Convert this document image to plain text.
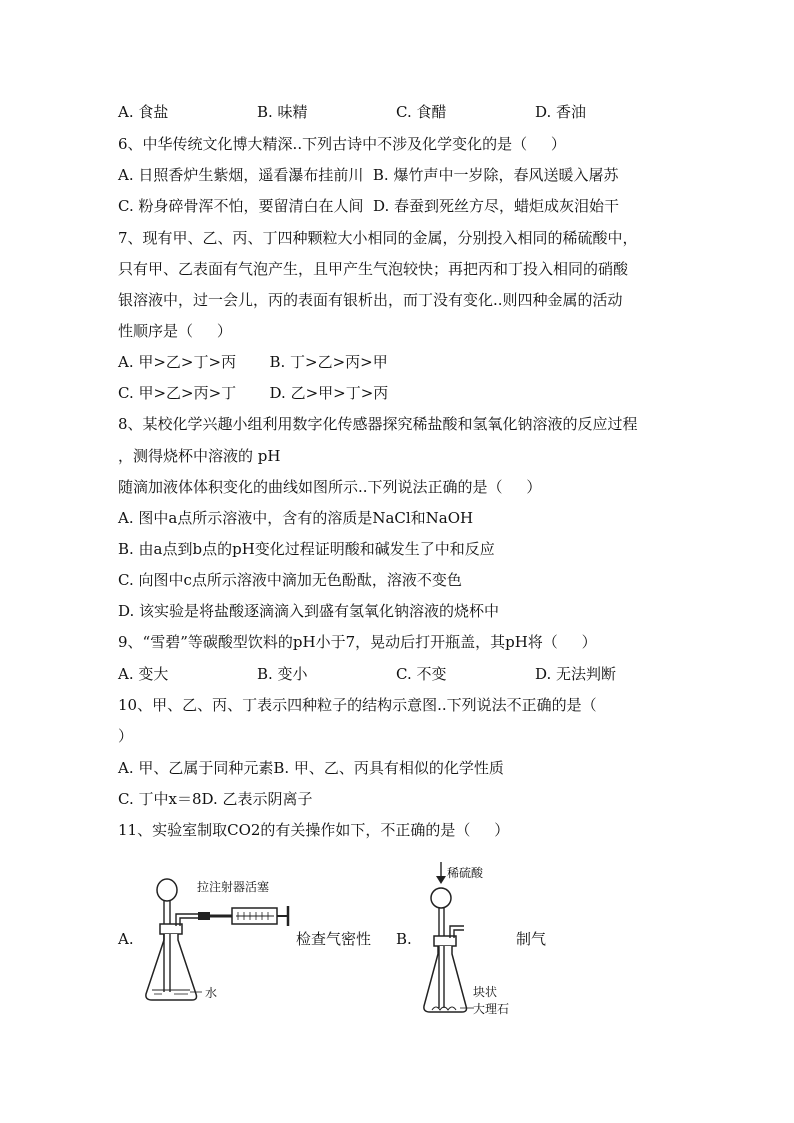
A. 食盐	B. 味精	C. 食醋	D. 香油
6、中华传统文化博大精深..下列古诗中不涉及化学变化的是（     ）
A. 日照香炉生紫烟，遥看瀑布挂前川  B. 爆竹声中一岁除，春风送暖入屠苏
C. 粉身碎骨浑不怕，要留清白在人间  D. 春蚕到死丝方尽，蜡炬成灰泪始干
7、现有甲、乙、丙、丁四种颗粒大小相同的金属，分别投入相同的稀硫酸中，
只有甲、乙表面有气泡产生，且甲产生气泡较快；再把丙和丁投入相同的硝酸
银溶液中，过一会儿，丙的表面有银析出，而丁没有变化..则四种金属的活动
性顺序是（     ）
A. 甲>乙>丁>丙       B. 丁>乙>丙>甲
C. 甲>乙>丙>丁       D. 乙>甲>丁>丙
8、某校化学兴趣小组利用数字化传感器探究稀盐酸和氢氧化钠溶液的反应过程
，测得烧杯中溶液的 pH
随滴加液体体积变化的曲线如图所示..下列说法正确的是（     ）
A. 图中a点所示溶液中，含有的溶质是NaCl和NaOH
B. 由a点到b点的pH变化过程证明酸和碱发生了中和反应
C. 向图中c点所示溶液中滴加无色酚酞，溶液不变色
D. 该实验是将盐酸逐滴滴入到盛有氢氧化钠溶液的烧杯中
9、“雪碧”等碳酸型饮料的pH小于7，晃动后打开瓶盖，其pH将（     ）
A. 变大	B. 变小	C. 不变	D. 无法判断
10、甲、乙、丙、丁表示四种粒子的结构示意图..下列说法不正确的是（
）
A. 甲、乙属于同种元素B. 甲、乙、丙具有相似的化学性质
C. 丁中x＝8D. 乙表示阴离子
11、实验室制取CO2的有关操作如下，不正确的是（     ）
A.	检查气密性
拉注射器活塞
水
B.	制气
稀硫酸
块状
大理石
